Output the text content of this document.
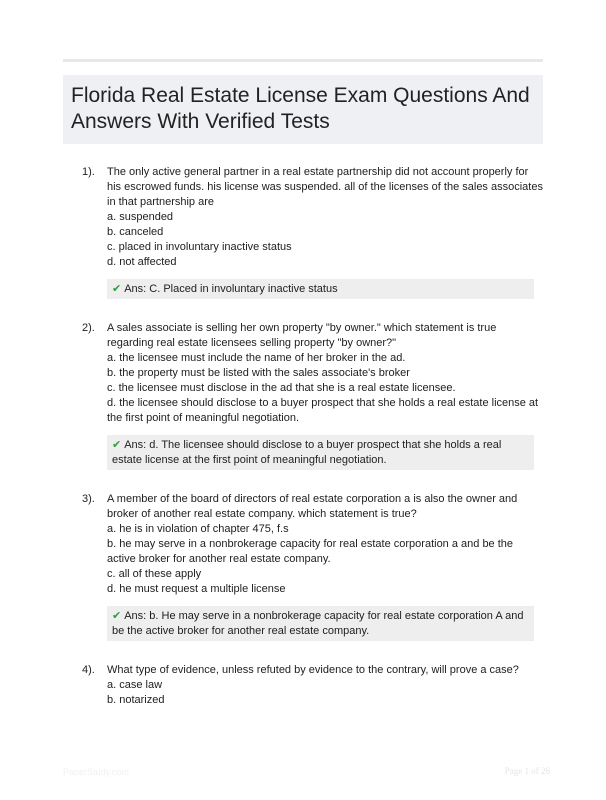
Florida Real Estate License Exam Questions And Answers With Verified Tests
1). The only active general partner in a real estate partnership did not account properly for his escrowed funds. his license was suspended. all of the licenses of the sales associates in that partnership are
a. suspended
b. canceled
c. placed in involuntary inactive status
d. not affected
✔ Ans: C. Placed in involuntary inactive status
2). A sales associate is selling her own property "by owner." which statement is true regarding real estate licensees selling property "by owner?"
a. the licensee must include the name of her broker in the ad.
b. the property must be listed with the sales associate's broker
c. the licensee must disclose in the ad that she is a real estate licensee.
d. the licensee should disclose to a buyer prospect that she holds a real estate license at the first point of meaningful negotiation.
✔ Ans: d. The licensee should disclose to a buyer prospect that she holds a real estate license at the first point of meaningful negotiation.
3). A member of the board of directors of real estate corporation a is also the owner and broker of another real estate company. which statement is true?
a. he is in violation of chapter 475, f.s
b. he may serve in a nonbrokerage capacity for real estate corporation a and be the active broker for another real estate company.
c. all of these apply
d. he must request a multiple license
✔ Ans: b. He may serve in a nonbrokerage capacity for real estate corporation A and be the active broker for another real estate company.
4). What type of evidence, unless refuted by evidence to the contrary, will prove a case?
a. case law
b. notarized
PaperStudy.com	Page 1 of 26
